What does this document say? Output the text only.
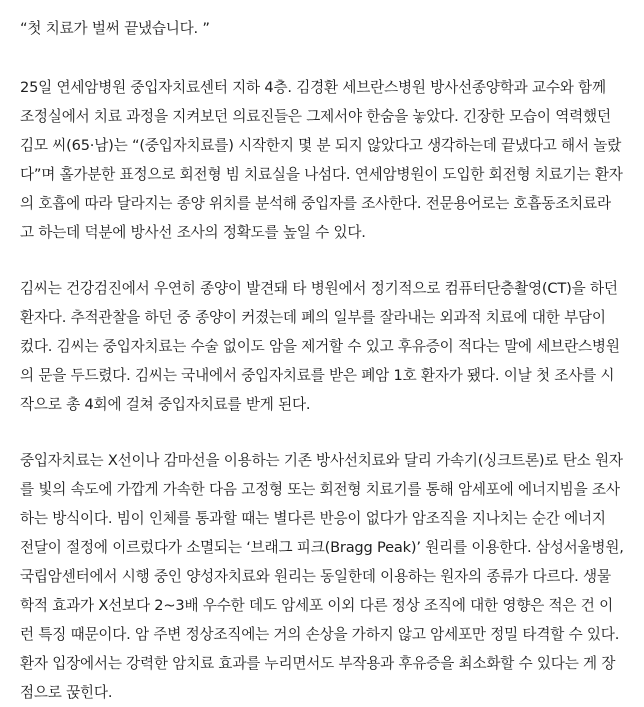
“첫 치료가 벌써 끝냈습니다. ”

25일 연세암병원 중입자치료센터 지하 4층. 김경환 세브란스병원 방사선종양학과 교수와 함께 조정실에서 치료 과정을 지켜보던 의료진들은 그제서야 한숨을 놓았다. 긴장한 모습이 역력했던 김모 씨(65·남)는 “(중입자치료를) 시작한지 몇 분 되지 않았다고 생각하는데 끝냈다고 해서 놀랐다”며 홀가분한 표정으로 회전형 빔 치료실을 나섬다. 연세암병원이 도입한 회전형 치료기는 환자의 호흡에 따라 달라지는 종양 위치를 분석해 중입자를 조사한다. 전문용어로는 호흡동조치료라고 하는데 덕분에 방사선 조사의 정확도를 높일 수 있다.

김씨는 건강검진에서 우연히 종양이 발견돼 타 병원에서 정기적으로 컴퓨터단층촬영(CT)을 하던 환자다. 추적관찰을 하던 중 종양이 커졌는데 폐의 일부를 잘라내는 외과적 치료에 대한 부담이 컸다. 김씨는 중입자치료는 수술 없이도 암을 제거할 수 있고 후유증이 적다는 말에 세브란스병원의 문을 두드렸다. 김씨는 국내에서 중입자치료를 받은 폐암 1호 환자가 됐다. 이날 첫 조사를 시작으로 총 4회에 걸쳐 중입자치료를 받게 된다.

중입자치료는 X선이나 감마선을 이용하는 기존 방사선치료와 달리 가속기(싱크트론)로 탄소 원자를 빛의 속도에 가깝게 가속한 다음 고정형 또는 회전형 치료기를 통해 암세포에 에너지빔을 조사하는 방식이다. 빔이 인체를 통과할 때는 별다른 반응이 없다가 암조직을 지나치는 순간 에너지 전달이 절정에 이르렀다가 소멸되는 ‘브래그 피크(Bragg Peak)’ 원리를 이용한다. 삼성서울병원, 국립암센터에서 시행 중인 양성자치료와 원리는 동일한데 이용하는 원자의 종류가 다르다. 생물학적 효과가 X선보다 2~3배 우수한 데도 암세포 이외 다른 정상 조직에 대한 영향은 적은 건 이런 특징 때문이다. 암 주변 정상조직에는 거의 손상을 가하지 않고 암세포만 정밀 타격할 수 있다. 환자 입장에서는 강력한 암치료 효과를 누리면서도 부작용과 후유증을 최소화할 수 있다는 게 장점으로 꾽힌다.
